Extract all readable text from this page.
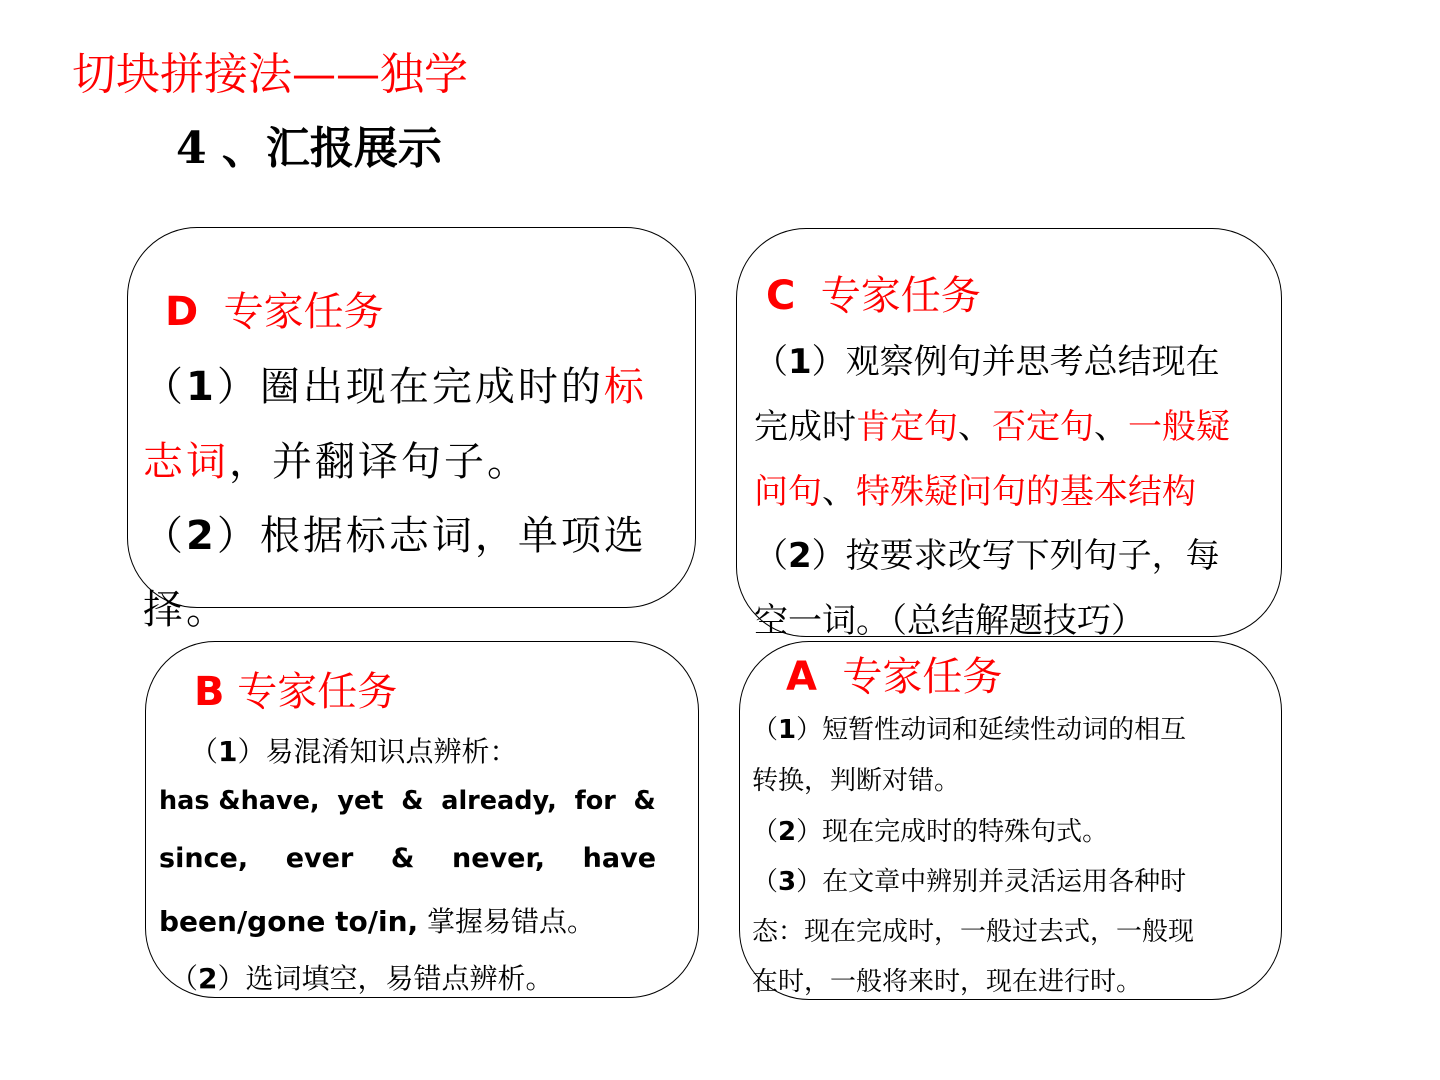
切块拼接法——独学
4 、汇报展示
D 专家任务
（1）圈出现在完成时的标
志词，并翻译句子。
（2）根据标志词，单项选
择。
C 专家任务
（1）观察例句并思考总结现在
完成时肯定句、否定句、一般疑
问句、特殊疑问句的基本结构
（2）按要求改写下列句子，每
空一词。（总结解题技巧）
B 专家任务
（1）易混淆知识点辨析：
has &have,  yet  &  already,  for  &
since,    ever    &    never,    have
been/gone to/in, 掌握易错点。
（2）选词填空，易错点辨析。
A 专家任务
（1）短暂性动词和延续性动词的相互
转换，判断对错。
（2）现在完成时的特殊句式。
（3）在文章中辨别并灵活运用各种时
态：现在完成时，一般过去式，一般现
在时，一般将来时，现在进行时。
